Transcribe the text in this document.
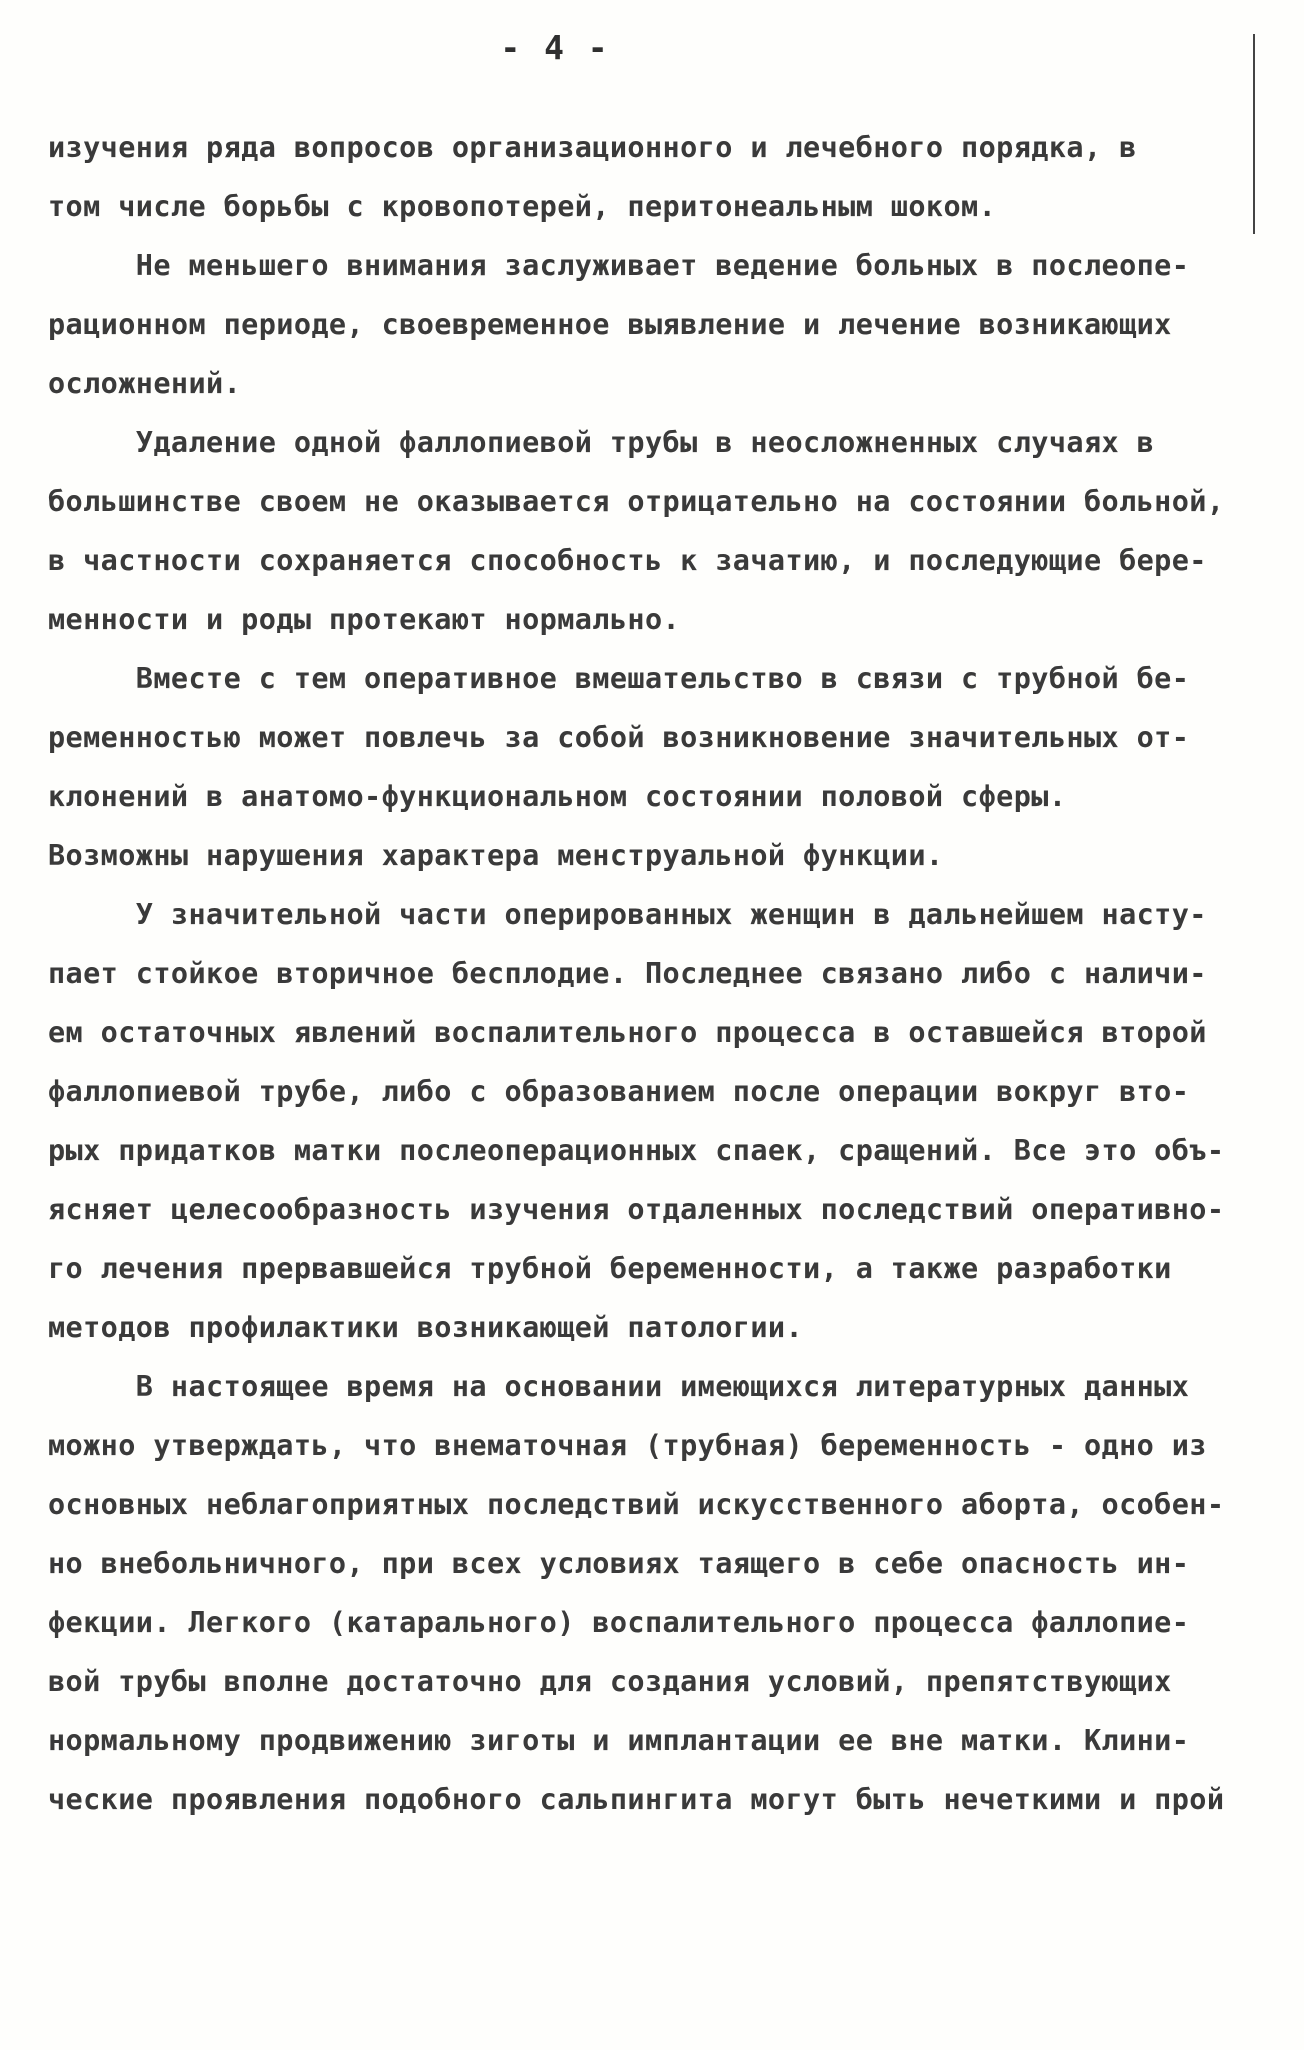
- 4 -
изучения ряда вопросов организационного и лечебного порядка, в
том числе борьбы с кровопотерей, перитонеальным шоком.
Не меньшего внимания заслуживает ведение больных в послеопе-
рационном периоде, своевременное выявление и лечение возникающих
осложнений.
Удаление одной фаллопиевой трубы в неосложненных случаях в
большинстве своем не оказывается отрицательно на состоянии больной,
в частности сохраняется способность к зачатию, и последующие бере-
менности и роды протекают нормально.
Вместе с тем оперативное вмешательство в связи с трубной бе-
ременностью может повлечь за собой возникновение значительных от-
клонений в анатомо-функциональном состоянии половой сферы.
Возможны нарушения характера менструальной функции.
У значительной части оперированных женщин в дальнейшем насту-
пает стойкое вторичное бесплодие. Последнее связано либо с наличи-
ем остаточных явлений воспалительного процесса в оставшейся второй
фаллопиевой трубе, либо с образованием после операции вокруг вто-
рых придатков матки послеоперационных спаек, сращений. Все это объ-
ясняет целесообразность изучения отдаленных последствий оперативно-
го лечения прервавшейся трубной беременности, а также разработки
методов профилактики возникающей патологии.
В настоящее время на основании имеющихся литературных данных
можно утверждать, что внематочная (трубная) беременность - одно из
основных неблагоприятных последствий искусственного аборта, особен-
но внебольничного, при всех условиях таящего в себе опасность ин-
фекции. Легкого (катарального) воспалительного процесса фаллопие-
вой трубы вполне достаточно для создания условий, препятствующих
нормальному продвижению зиготы и имплантации ее вне матки. Клини-
ческие проявления подобного сальпингита могут быть нечеткими и прой
